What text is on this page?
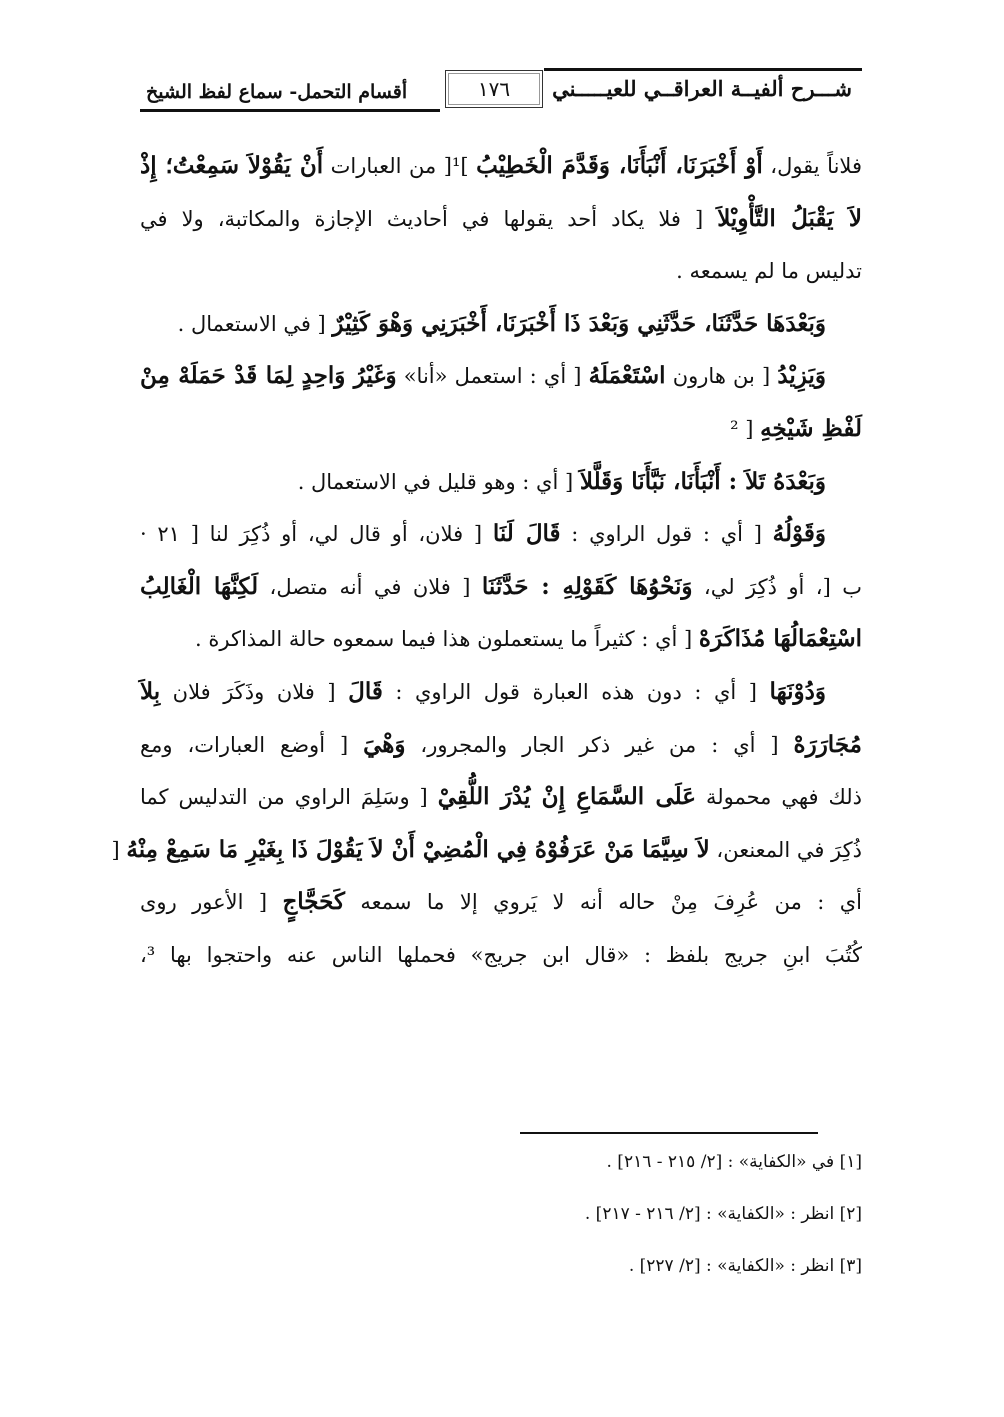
شـــرح ألفيــة العراقــي للعيـــــني
١٧٦
أقسام التحمل- سماع لفظ الشيخ
فلاناً يقول، أَوْ أَخْبَرَنَا، أَنْبَأَنَا، وَقَدَّمَ الْخَطِيْبُ ]¹[ من العبارات أَنْ يَقُوْلاَ سَمِعْتُ؛ إِذْ
لاَ يَقْبَلُ التَّأْوِيْلاَ [ فلا يكاد أحد يقولها في أحاديث الإجازة والمكاتبة، ولا في
تدليس ما لم يسمعه .
وَبَعْدَهَا حَدَّثَنَا، حَدَّثَنِي وَبَعْدَ ذَا أَخْبَرَنَا، أَخْبَرَنِي وَهْوَ كَثِيْرٌ [ في الاستعمال .
وَيَزِيْدُ [ بن هارون اسْتَعْمَلَهُ [ أي : استعمل «أنا» وَغَيْرُ وَاحِدٍ لِمَا قَدْ حَمَلَهْ مِنْ
لَفْظِ شَيْخِهِ [ ²
وَبَعْدَهُ تَلاَ : أَنْبَأَنَا، نَبَّأَنَا وَقَلَّلاَ [ أي : وهو قليل في الاستعمال .
وَقَوْلُهُ [ أي : قول الراوي : قَالَ لَنَا [ فلان، أو قال لي، أو ذُكِرَ لنا [ ٢١ ·
ب [، أو ذُكِرَ لي، وَنَحْوُهَا كَقَوْلِهِ : حَدَّثَنَا [ فلان في أنه متصل، لَكِنَّهَا الْغَالِبُ
اسْتِعْمَالُهَا مُذَاكَرَهْ [ أي : كثيراً ما يستعملون هذا فيما سمعوه حالة المذاكرة .
وَدُوْنَهَا [ أي : دون هذه العبارة قول الراوي : قَالَ [ فلان وذَكَرَ فلان بِلاَ
مُجَارَرَهْ [ أي : من غير ذكر الجار والمجرور، وَهْيَ [ أوضع العبارات، ومع
ذلك فهي محمولة عَلَى السَّمَاعِ إِنْ يُدْرَ اللُّقِيْ [ وسَلِمَ الراوي من التدليس كما
ذُكِرَ في المعنعن، لاَ سِيَّمَا مَنْ عَرَفُوْهُ فِي الْمُضِيْ أَنْ لاَ يَقُوْلَ ذَا بِغَيْرِ مَا سَمِعْ مِنْهُ [
أي : من عُرِفَ مِنْ حاله أنه لا يَروي إلا ما سمعه كَحَجَّاجٍ [ الأعور روى
كُتُبَ ابنِ جريج بلفظ : «قال ابن جريج» فحملها الناس عنه واحتجوا بها ³،
[١] في «الكفاية» : [٢/ ٢١٥ - ٢١٦] .
[٢] انظر : «الكفاية» : [٢/ ٢١٦ - ٢١٧] .
[٣] انظر : «الكفاية» : [٢/ ٢٢٧] .
